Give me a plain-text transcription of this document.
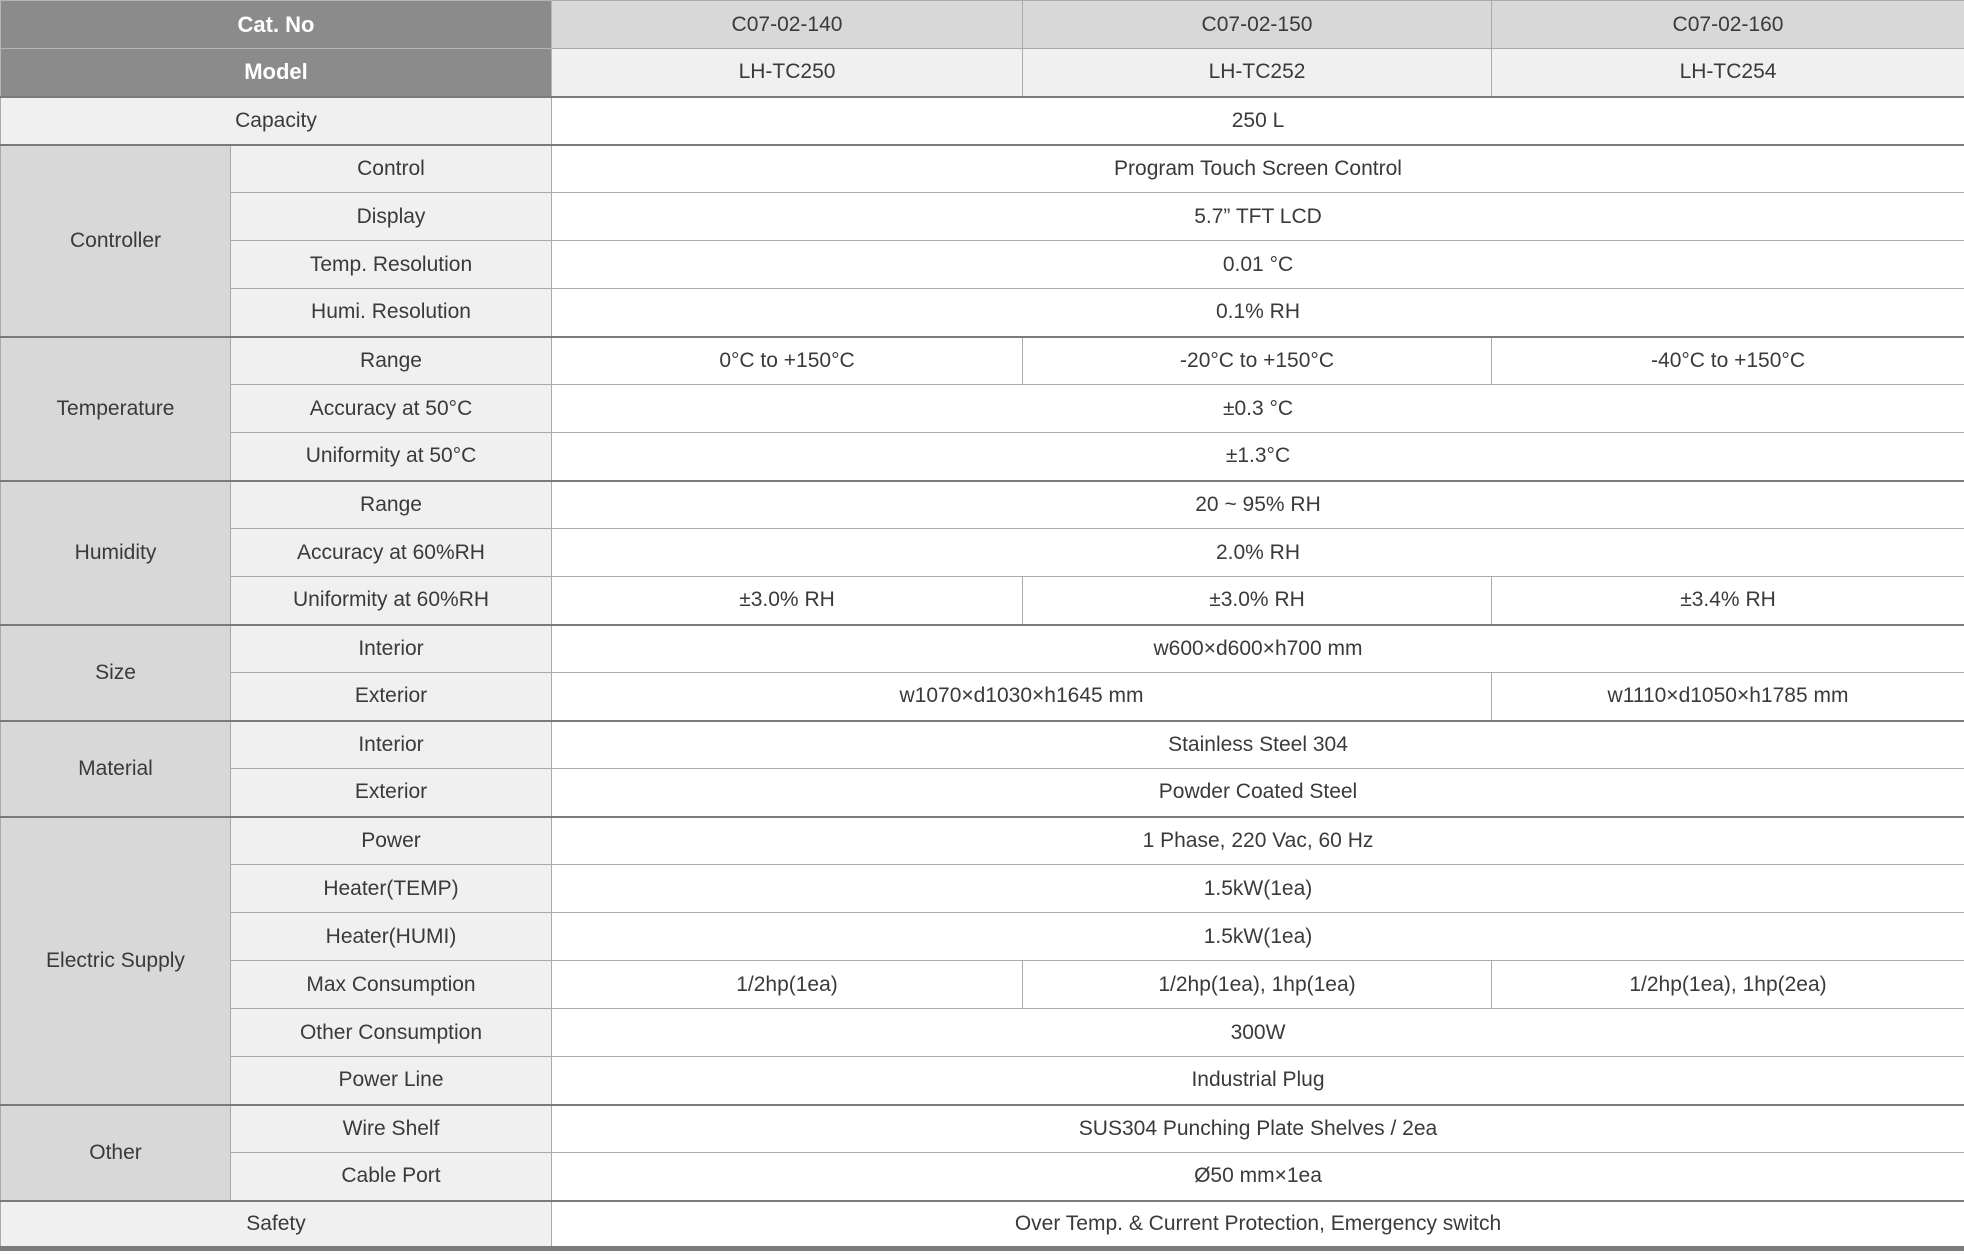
Cat. No		C07-02-140	C07-02-150	C07-02-160
Model		LH-TC250	LH-TC252	LH-TC254
Capacity		250 L		
Controller	Control	Program Touch Screen Control		
	Display	5.7” TFT LCD		
	Temp. Resolution	0.01 °C		
	Humi. Resolution	0.1% RH		
Temperature	Range	0°C to +150°C	-20°C to +150°C	-40°C to +150°C
	Accuracy at 50°C	±0.3 °C		
	Uniformity at 50°C	±1.3°C		
Humidity	Range	20 ~ 95% RH		
	Accuracy at 60%RH	2.0% RH		
	Uniformity at 60%RH	±3.0% RH	±3.0% RH	±3.4% RH
Size	Interior	w600×d600×h700 mm		
	Exterior	w1070×d1030×h1645 mm		w1110×d1050×h1785 mm
Material	Interior	Stainless Steel 304		
	Exterior	Powder Coated Steel		
Electric Supply	Power	1 Phase, 220 Vac, 60 Hz		
	Heater(TEMP)	1.5kW(1ea)		
	Heater(HUMI)	1.5kW(1ea)		
	Max Consumption	1/2hp(1ea)	1/2hp(1ea), 1hp(1ea)	1/2hp(1ea), 1hp(2ea)
	Other Consumption	300W		
	Power Line	Industrial Plug		
Other	Wire Shelf	SUS304 Punching Plate Shelves / 2ea		
	Cable Port	Ø50 mm×1ea		
Safety		Over Temp. & Current Protection, Emergency switch		
